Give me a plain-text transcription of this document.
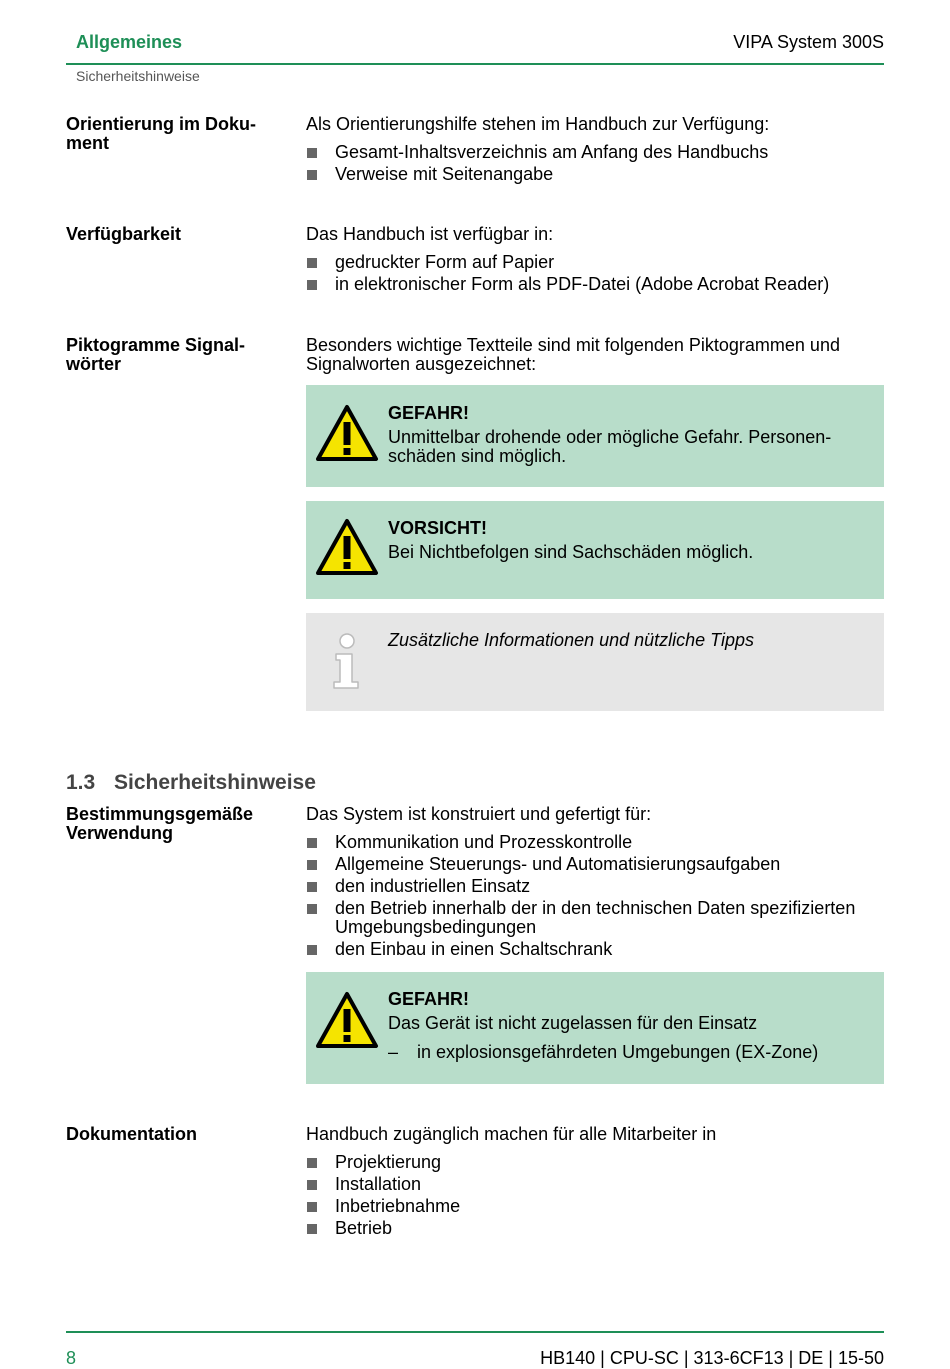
Allgemeines	VIPA System 300S
Sicherheitshinweise
Orientierung im Doku-
ment
Als Orientierungshilfe stehen im Handbuch zur Verfügung:
Gesamt-Inhaltsverzeichnis am Anfang des Handbuchs
Verweise mit Seitenangabe
Verfügbarkeit	Das Handbuch ist verfügbar in:
gedruckter Form auf Papier
in elektronischer Form als PDF-Datei (Adobe Acrobat Reader)
Piktogramme Signal-
wörter
Besonders wichtige Textteile sind mit folgenden Piktogrammen und
Signalworten ausgezeichnet:
GEFAHR!
Unmittelbar drohende oder mögliche Gefahr. Personen-
schäden sind möglich.
VORSICHT!
Bei Nichtbefolgen sind Sachschäden möglich.
Zusätzliche Informationen und nützliche Tipps
1.3 Sicherheitshinweise
Bestimmungsgemäße
Verwendung
Das System ist konstruiert und gefertigt für:
Kommunikation und Prozesskontrolle
Allgemeine Steuerungs- und Automatisierungsaufgaben
den industriellen Einsatz
den Betrieb innerhalb der in den technischen Daten spezifizierten
Umgebungsbedingungen
den Einbau in einen Schaltschrank
GEFAHR!
Das Gerät ist nicht zugelassen für den Einsatz
– in explosionsgefährdeten Umgebungen (EX-Zone)
Dokumentation	Handbuch zugänglich machen für alle Mitarbeiter in
Projektierung
Installation
Inbetriebnahme
Betrieb
8	HB140 | CPU-SC | 313-6CF13 | DE | 15-50
